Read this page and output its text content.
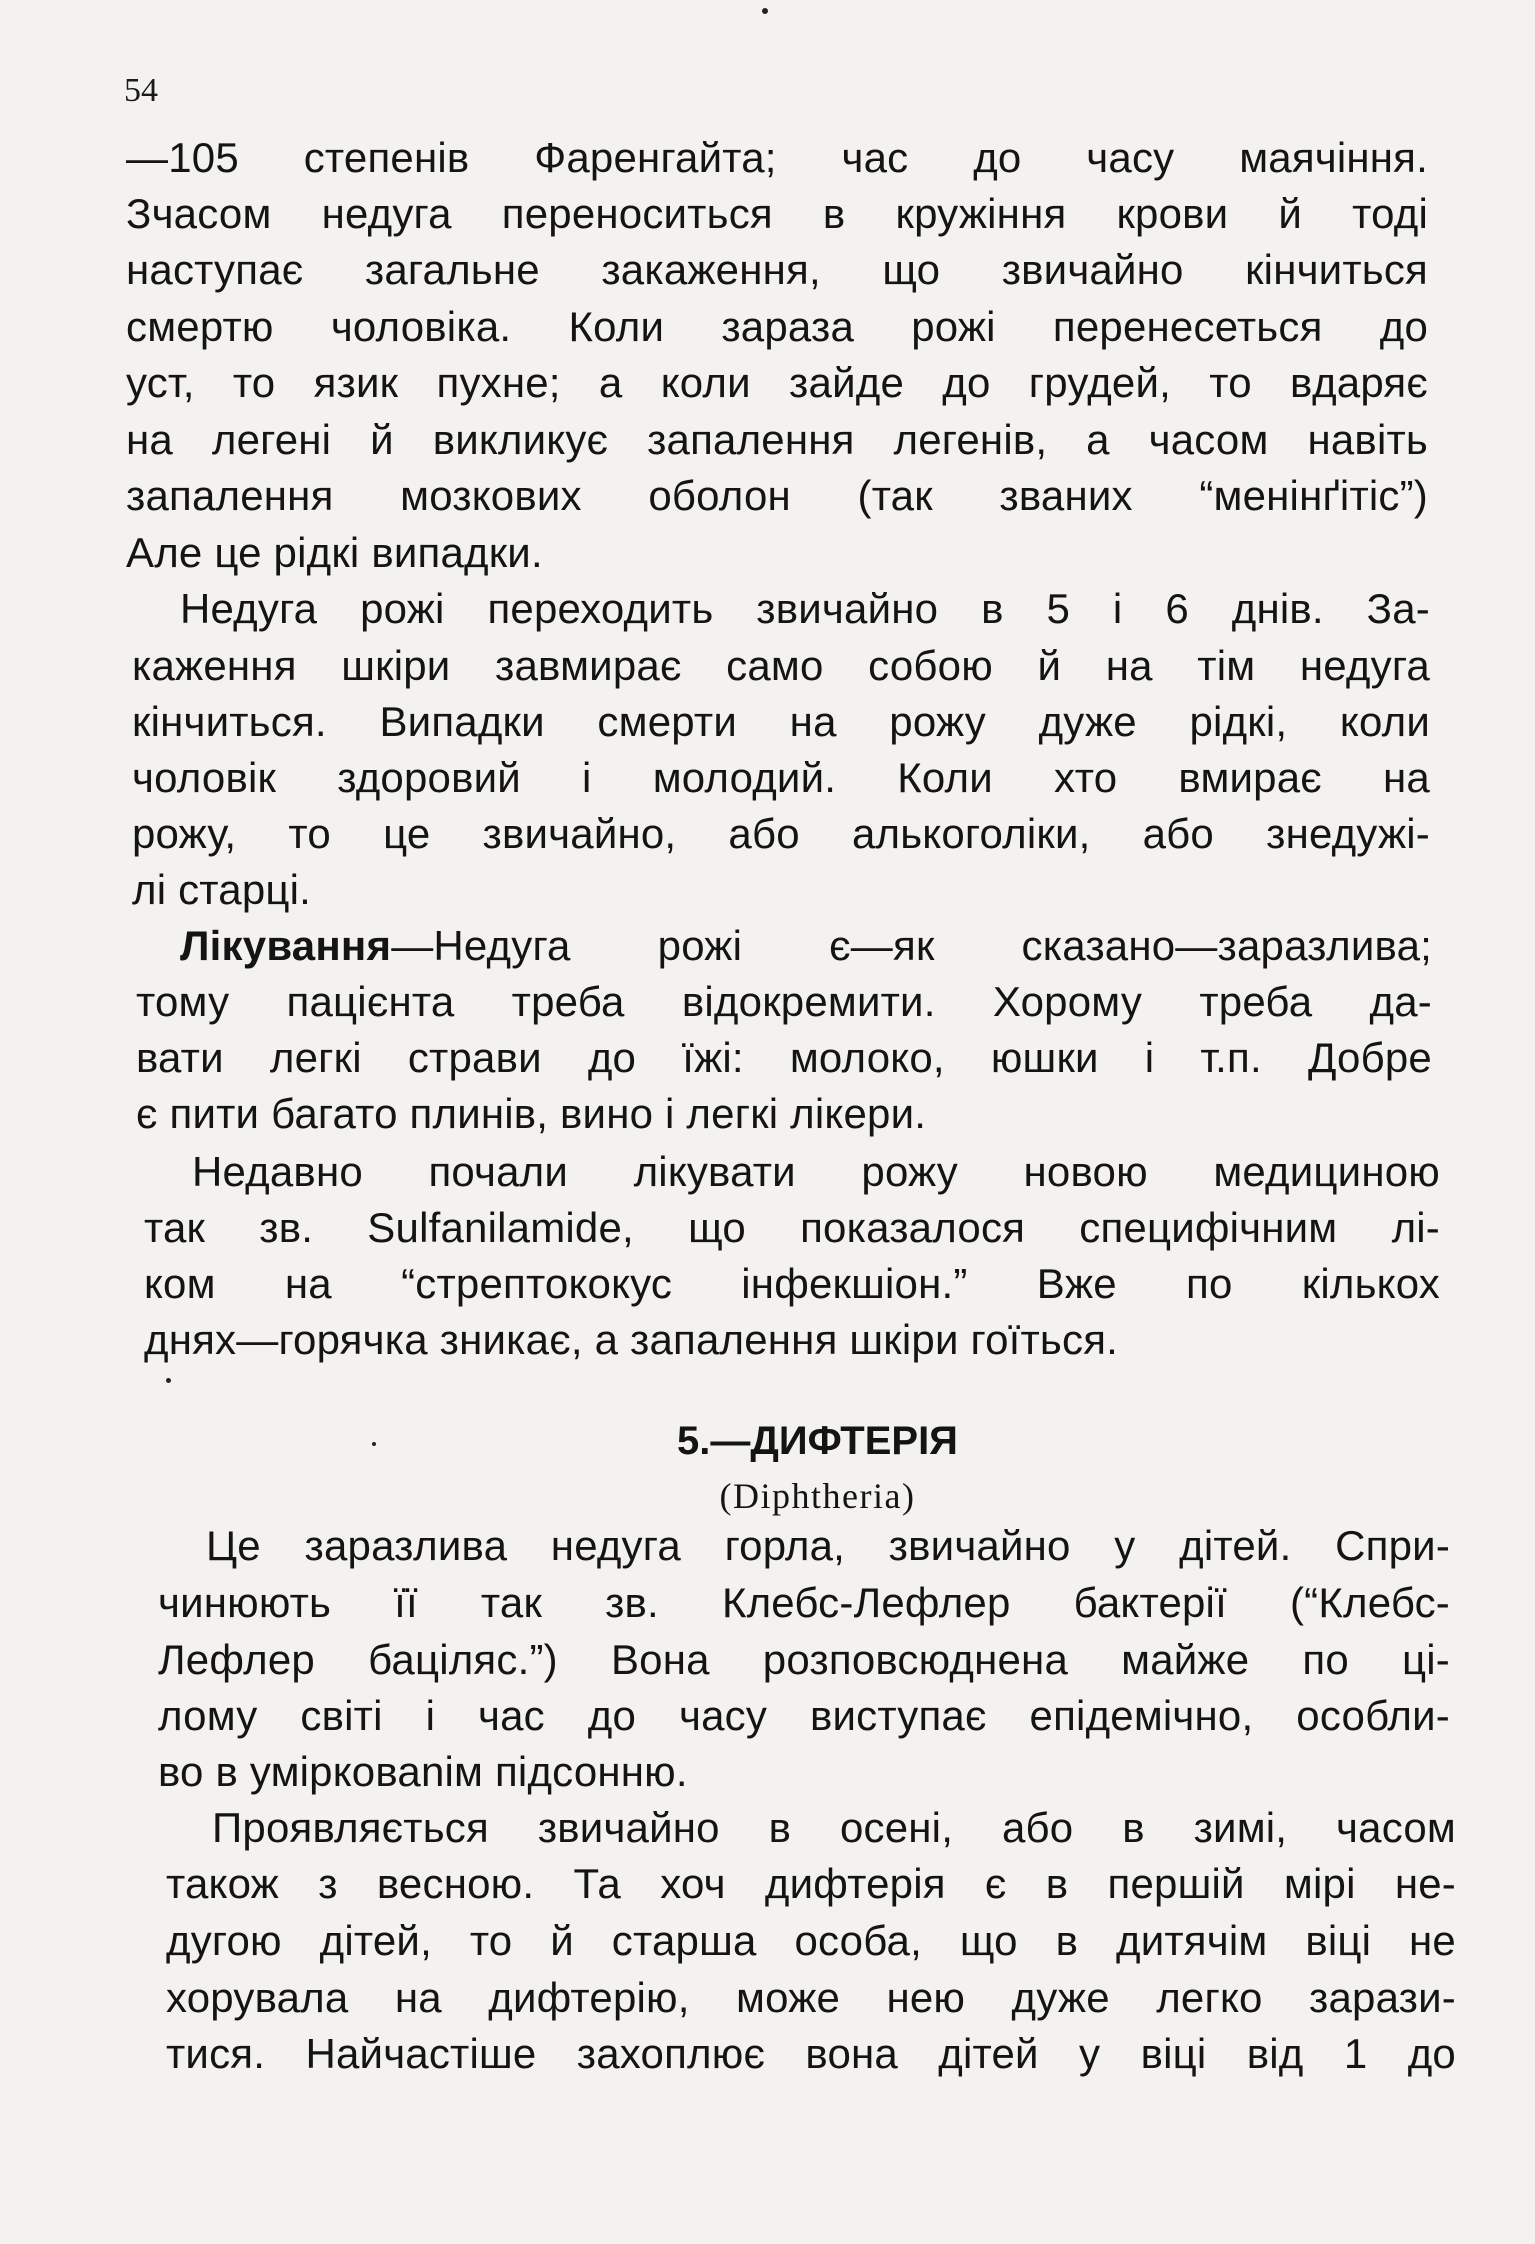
54
—105 степенів Фаренгайта; час до часу маячіння.
Зчасом недуга переноситься в кружіння крови й тоді
наступає загальне закаження, що звичайно кінчиться
смертю чоловіка. Коли зараза рожі перенесеться до
уст, то язик пухне; а коли зайде до грудей, то вдаряє
на легені й викликує запалення легенів, а часом навіть
запалення мозкових оболон (так званих “менінґітіс”)
Але це рідкі випадки.
Недуга рожі переходить звичайно в 5 і 6 днів. За-
каження шкіри завмирає само собою й на тім недуга
кінчиться. Випадки смерти на рожу дуже рідкі, коли
чоловік здоровий і молодий. Коли хто вмирає на
рожу, то це звичайно, або алькоголіки, або знедужі-
лі старці.
Лікування—Недуга рожі є—як сказано—заразлива;
тому пацієнта треба відокремити. Хорому треба да-
вати легкі страви до їжі: молоко, юшки і т.п. Добре
є пити багато плинів, вино і легкі лікери.
Недавно почали лікувати рожу новою медициною
так зв. Sulfanilamide, що показалося специфічним лі-
ком на “стрептококус інфекшіон.” Вже по кількох
днях—горячка зникає, а запалення шкіри гоїться.
5.—ДИФТЕРІЯ
(Diphtheria)
Це заразлива недуга горла, звичайно у дітей. Спри-
чинюють її так зв. Клебс-Лефлер бактерії (“Клебс-
Лефлер баціляс.”) Вона розповсюднена майже по ці-
лому світі і час до часу виступає епідемічно, особли-
во в умірковаnім підсонню.
Проявляється звичайно в осені, або в зимі, часом
також з весною. Та хоч дифтерія є в першій мірі не-
дугою дітей, то й старша особа, що в дитячім віці не
хорувала на дифтерію, може нею дуже легко зарази-
тися. Найчастіше захоплює вона дітей у віці від 1 до
